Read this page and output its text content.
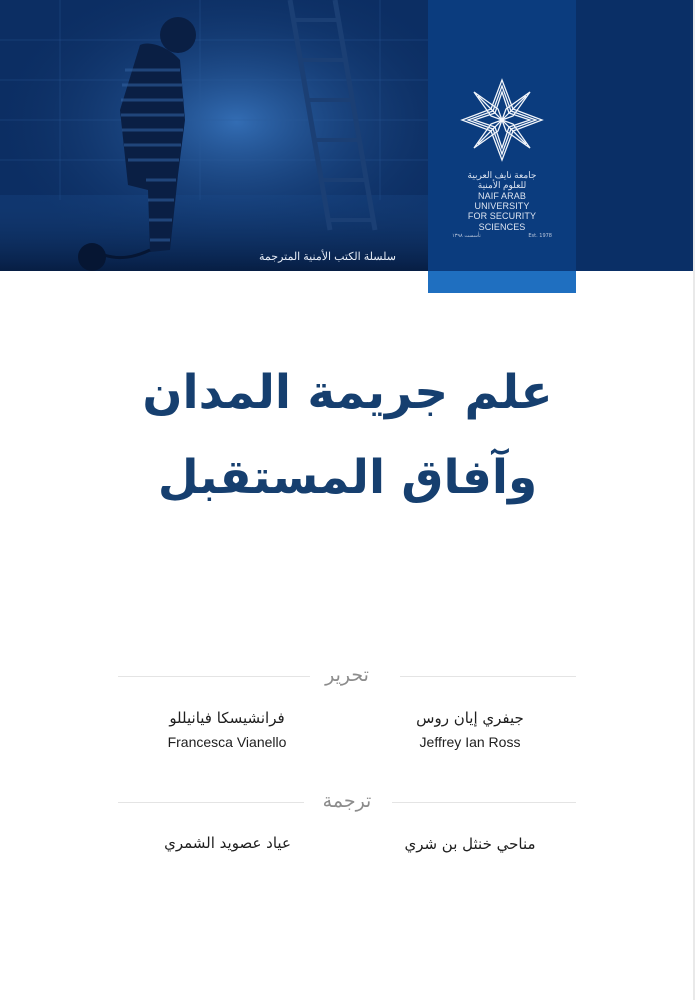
جامعة نايف العربية
للعلوم الأمنية
NAIF ARAB UNIVERSITY
FOR SECURITY SCIENCES
تأسست ١٣٩٨	Est. 1978
سلسلة الكتب الأمنية المترجمة
علم جريمة المدان
وآفاق المستقبل
تحرير
جيفري إيان روس
Jeffrey Ian Ross
فرانشيسكا فيانيللو
Francesca Vianello
ترجمة
مناحي خنثل بن شري
عياد عصويد الشمري
